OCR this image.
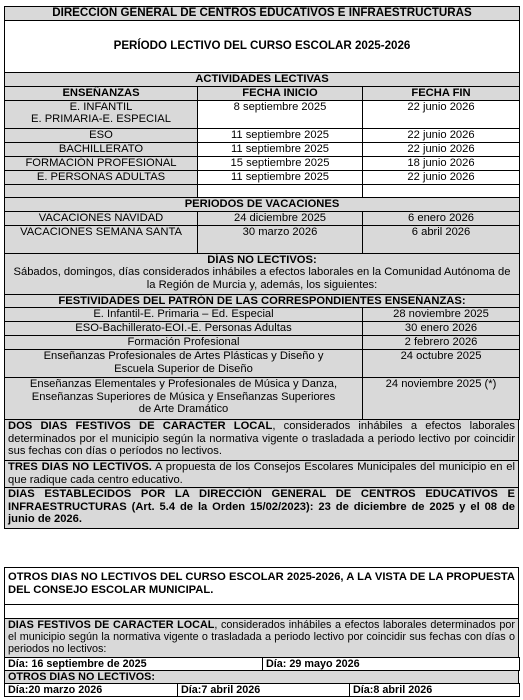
DIRECCION GENERAL DE CENTROS EDUCATIVOS E INFRAESTRUCTURAS		
PERÍODO LECTIVO DEL CURSO ESCOLAR 2025-2026		
ACTIVIDADES LECTIVAS		
ENSEÑANZAS	FECHA INICIO	FECHA FIN

E. INFANTIL
E. PRIMARIA-E. ESPECIAL	8 septiembre 2025	22 junio 2026
ESO	11 septiembre 2025	22 junio 2026
BACHILLERATO	11 septiembre 2025	22 junio 2026
FORMACIÓN PROFESIONAL	15 septiembre 2025	18 junio 2026
E. PERSONAS ADULTAS	11 septiembre 2025	22 junio 2026

PERIODOS DE VACACIONES		
VACACIONES NAVIDAD	24 diciembre 2025	6 enero 2026
VACACIONES SEMANA SANTA	30 marzo 2026	6 abril 2026

DÍAS NO LECTIVOS:
Sábados, domingos, días considerados inhábiles a efectos laborales en la Comunidad Autónoma de la Región de Murcia y, además, los siguientes:		

FESTIVIDADES DEL PATRÓN DE LAS CORRESPONDIENTES ENSEÑANZAS:		
E. Infantil-E. Primaria – Ed. Especial	28 noviembre 2025
ESO-Bachillerato-EOI.-E. Personas Adultas	30 enero 2026
Formación Profesional	2 febrero 2026
Enseñanzas Profesionales de Artes Plásticas y Diseño y Escuela Superior de Diseño	24 octubre 2025
Enseñanzas Elementales y Profesionales de Música y Danza, Enseñanzas Superiores de Música y Enseñanzas Superiores de Arte Dramático	24 noviembre 2025 (*)
DOS DIAS FESTIVOS DE CARACTER LOCAL, considerados inhábiles a efectos laborales determinados por el municipio según la normativa vigente o trasladada a periodo lectivo por coincidir sus fechas con días o períodos no lectivos.
TRES DIAS NO LECTIVOS. A propuesta de los Consejos Escolares Municipales del municipio en el que radique cada centro educativo.
DIAS ESTABLECIDOS POR LA DIRECCIÓN GENERAL DE CENTROS EDUCATIVOS E INFRAESTRUCTURAS (Art. 5.4 de la Orden 15/02/2023): 23 de diciembre de 2025 y el 08 de junio de 2026.
OTROS DIAS NO LECTIVOS DEL CURSO ESCOLAR 2025-2026, A LA VISTA DE LA PROPUESTA DEL CONSEJO ESCOLAR MUNICIPAL.

DIAS FESTIVOS DE CARACTER LOCAL, considerados inhábiles a efectos laborales determinados por el municipio según la normativa vigente o trasladada a periodo lectivo por coincidir sus fechas con días o periodos no lectivos:
Día: 16 septiembre de 2025	Día: 29 mayo 2026
OTROS DIAS NO LECTIVOS:
Día:20 marzo 2026	Día:7 abril 2026	Día:8 abril 2026
